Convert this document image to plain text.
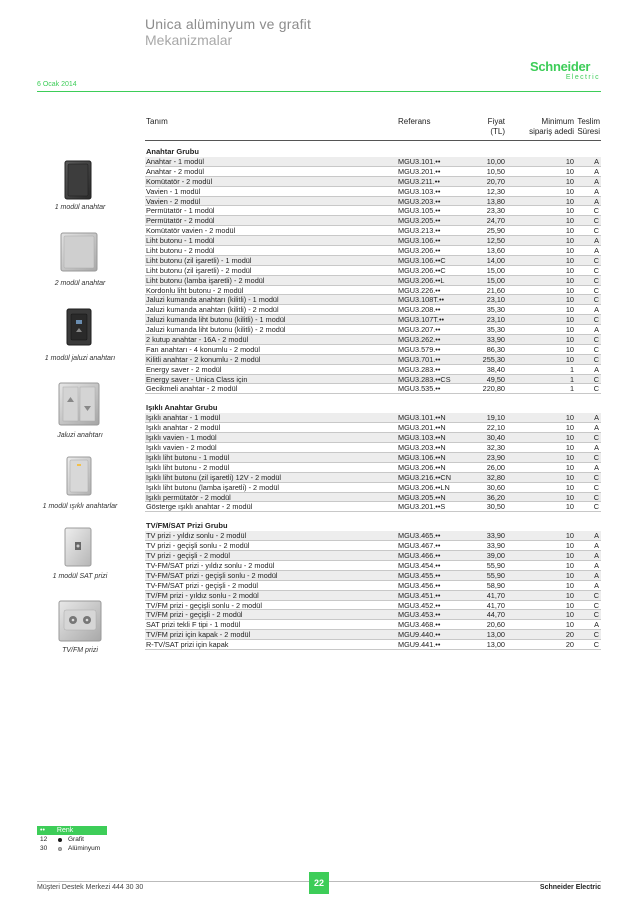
Unica alüminyum ve grafit
Mekanizmalar
6 Ocak 2014
Schneider
Electric
Tanım	Referans	Fiyat
(TL)
Minimum
sipariş adedi
Teslim
Süresi
Anahtar Grubu
Anahtar - 1 modül	MGU3.101.••	10,00	10	A
Anahtar - 2 modül	MGU3.201.••	10,50	10	A
Komütatör - 2 modül	MGU3.211.••	20,70	10	A
Vavien - 1 modül	MGU3.103.••	12,30	10	A
Vavien - 2 modül	MGU3.203.••	13,80	10	A
Permütatör - 1 modül	MGU3.105.••	23,30	10	C
Permütatör - 2 modül	MGU3.205.••	24,70	10	C
Komütatör vavien - 2 modül	MGU3.213.••	25,90	10	C
Liht butonu - 1 modül	MGU3.106.••	12,50	10	A
Liht butonu - 2 modül	MGU3.206.••	13,60	10	A
Liht butonu (zil işaretli) - 1 modül	MGU3.106.••C	14,00	10	C
Liht butonu (zil işaretli) - 2 modül	MGU3.206.••C	15,00	10	C
Liht butonu (lamba işaretli) - 2 modül	MGU3.206.••L	15,00	10	C
Kordonlu liht butonu - 2 modül	MGU3.226.••	21,60	10	C
Jaluzi kumanda anahtarı (kilitli) - 1 modül	MGU3.108T.••	23,10	10	C
Jaluzi kumanda anahtarı (kilitli) - 2 modül	MGU3.208.••	35,30	10	A
Jaluzi kumanda liht butonu (kilitli) - 1 modül	MGU3.107T.••	23,10	10	C
Jaluzi kumanda liht butonu (kilitli) - 2 modül	MGU3.207.••	35,30	10	A
2 kutup anahtar - 16A - 2 modül	MGU3.262.••	33,90	10	C
Fan anahtarı - 4 konumlu - 2 modül	MGU3.579.••	86,30	10	C
Kilitli anahtar - 2 konumlu - 2 modül	MGU3.701.••	255,30	10	C
Energy saver - 2 modül	MGU3.283.••	38,40	1	A
Energy saver - Unica Class için	MGU3.283.••CS	49,50	1	C
Gecikmeli anahtar - 2 modül	MGU3.535.••	220,80	1	C
Işıklı Anahtar Grubu
Işıklı anahtar - 1 modül	MGU3.101.••N	19,10	10	A
Işıklı anahtar - 2 modül	MGU3.201.••N	22,10	10	A
Işıklı vavien - 1 modül	MGU3.103.••N	30,40	10	C
Işıklı vavien - 2 modül	MGU3.203.••N	32,30	10	A
Işıklı liht butonu - 1 modül	MGU3.106.••N	23,90	10	C
Işıklı liht butonu - 2 modül	MGU3.206.••N	26,00	10	A
Işıklı liht butonu (zil işaretli) 12V - 2 modül	MGU3.216.••CN	32,80	10	C
Işıklı liht butonu (lamba işaretli) - 2 modül	MGU3.206.••LN	30,60	10	C
Işıklı permütatör - 2 modül	MGU3.205.••N	36,20	10	C
Gösterge ışıklı anahtar - 2 modül	MGU3.201.••S	30,50	10	C
TV/FM/SAT Prizi Grubu
TV prizi - yıldız sonlu - 2 modül	MGU3.465.••	33,90	10	A
TV prizi - geçişli sonlu - 2 modül	MGU3.467.••	33,90	10	A
TV prizi - geçişli - 2 modül	MGU3.466.••	39,00	10	A
TV-FM/SAT prizi - yıldız sonlu - 2 modül	MGU3.454.••	55,90	10	A
TV-FM/SAT prizi - geçişli sonlu - 2 modül	MGU3.455.••	55,90	10	A
TV-FM/SAT prizi - geçişli - 2 modül	MGU3.456.••	58,90	10	A
TV/FM prizi - yıldız sonlu - 2 modül	MGU3.451.••	41,70	10	C
TV/FM prizi - geçişli sonlu - 2 modül	MGU3.452.••	41,70	10	C
TV/FM prizi - geçişli - 2 modül	MGU3.453.••	44,70	10	C
SAT prizi tekli F tipi - 1 modül	MGU3.468.••	20,60	10	A
TV/FM prizi için kapak - 2 modül	MGU9.440.••	13,00	20	C
R-TV/SAT prizi için kapak	MGU9.441.••	13,00	20	C
1 modül anahtar
2 modül anahtar
1 modül jaluzi anahtarı
Jaluzi anahtarı
1 modül ışıklı anahtarlar
1 modül SAT prizi
TV/FM prizi
•• Renk
12	Grafit
30	Alüminyum
Müşteri Destek Merkezi 444 30 30	22	Schneider Electric
